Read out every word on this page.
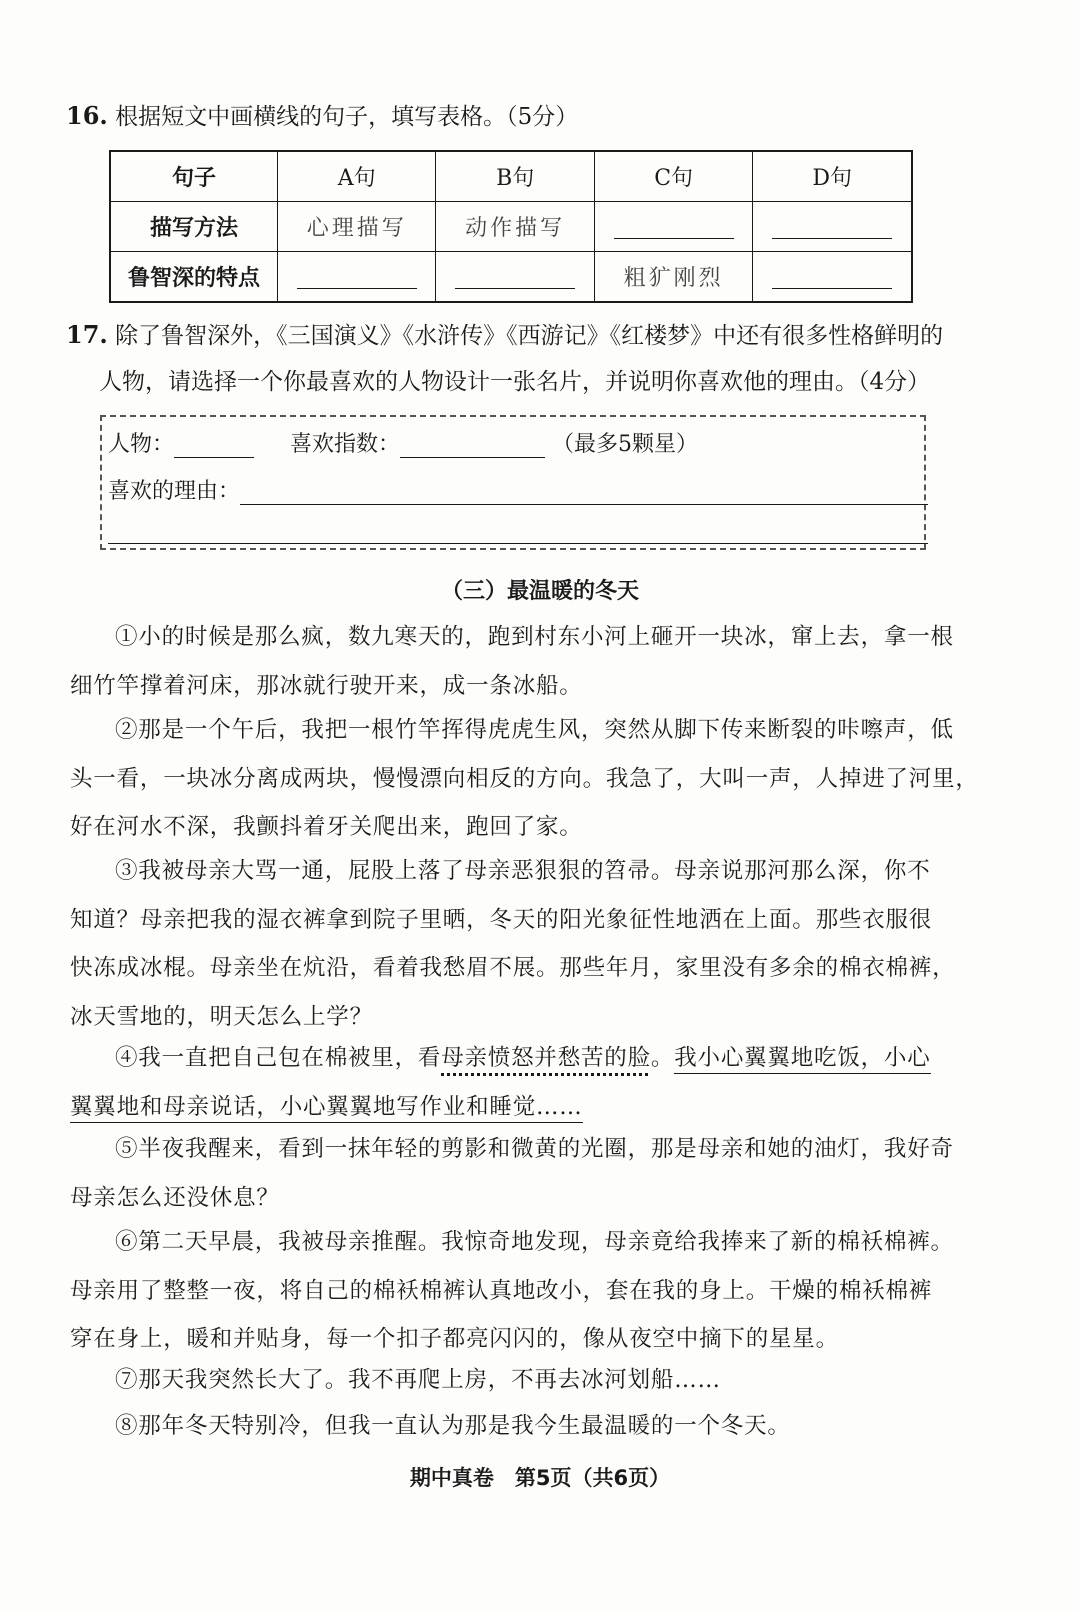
16. 根据短文中画横线的句子，填写表格。（5分）
句子	A句	B句	C句	D句
描写方法	心理描写	动作描写		
鲁智深的特点			粗犷刚烈	
17. 除了鲁智深外，《三国演义》《水浒传》《西游记》《红楼梦》中还有很多性格鲜明的
人物，请选择一个你最喜欢的人物设计一张名片，并说明你喜欢他的理由。（4分）
人物：	喜欢指数：	（最多5颗星）
喜欢的理由：
（三）最温暖的冬天
①小的时候是那么疯，数九寒天的，跑到村东小河上砸开一块冰，窜上去，拿一根
细竹竿撑着河床，那冰就行驶开来，成一条冰船。
②那是一个午后，我把一根竹竿挥得虎虎生风，突然从脚下传来断裂的咔嚓声，低
头一看，一块冰分离成两块，慢慢漂向相反的方向。我急了，大叫一声，人掉进了河里，
好在河水不深，我颤抖着牙关爬出来，跑回了家。
③我被母亲大骂一通，屁股上落了母亲恶狠狠的笤帚。母亲说那河那么深，你不
知道？母亲把我的湿衣裤拿到院子里晒，冬天的阳光象征性地洒在上面。那些衣服很
快冻成冰棍。母亲坐在炕沿，看着我愁眉不展。那些年月，家里没有多余的棉衣棉裤，
冰天雪地的，明天怎么上学？
④我一直把自己包在棉被里，看母亲愤怒并愁苦的脸。我小心翼翼地吃饭，小心
翼翼地和母亲说话，小心翼翼地写作业和睡觉……
⑤半夜我醒来，看到一抹年轻的剪影和微黄的光圈，那是母亲和她的油灯，我好奇
母亲怎么还没休息？
⑥第二天早晨，我被母亲推醒。我惊奇地发现，母亲竟给我捧来了新的棉袄棉裤。
母亲用了整整一夜，将自己的棉袄棉裤认真地改小，套在我的身上。干燥的棉袄棉裤
穿在身上，暖和并贴身，每一个扣子都亮闪闪的，像从夜空中摘下的星星。
⑦那天我突然长大了。我不再爬上房，不再去冰河划船……
⑧那年冬天特别冷，但我一直认为那是我今生最温暖的一个冬天。
期中真卷　第5页（共6页）
